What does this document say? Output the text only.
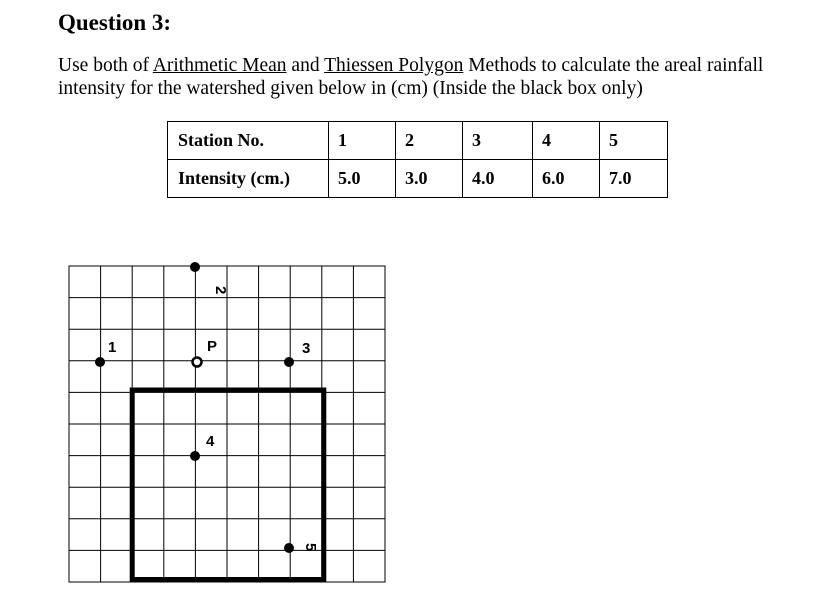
Question 3:

Use both of Arithmetic Mean and Thiessen Polygon Methods to calculate the areal rainfall intensity for the watershed given below in (cm) (Inside the black box only)

Station No.	1	2	3	4	5
Intensity (cm.)	5.0	3.0	4.0	6.0	7.0
1
2
3
4
5
P
